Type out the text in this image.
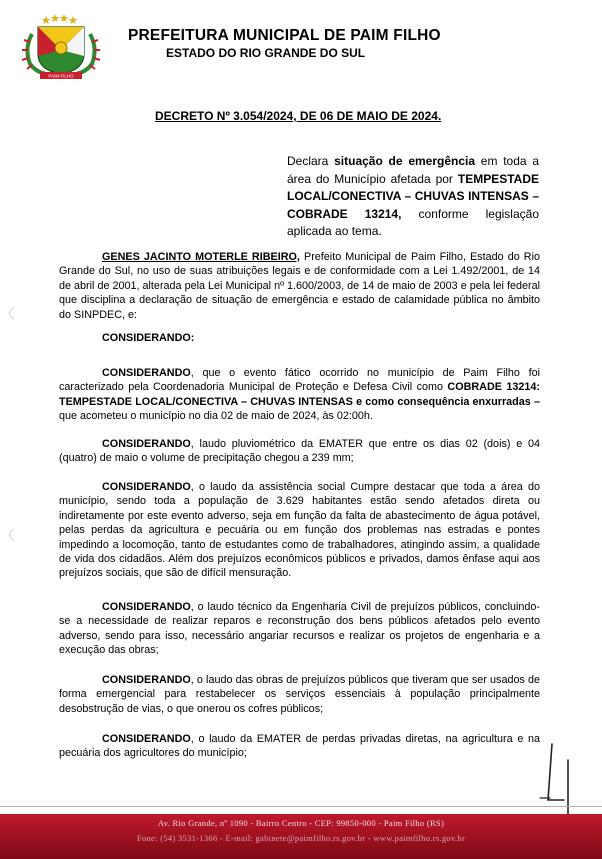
PAIM FILHO
PREFEITURA MUNICIPAL DE PAIM FILHO
ESTADO DO RIO GRANDE DO SUL
DECRETO Nº 3.054/2024, DE 06 DE MAIO DE 2024.
Declara situação de emergência em toda a área do Município afetada por TEMPESTADE LOCAL/CONECTIVA – CHUVAS INTENSAS – COBRADE 13214, conforme legislação aplicada ao tema.

GENES JACINTO MOTERLE RIBEIRO, Prefeito Municipal de Paim Filho, Estado do Rio Grande do Sul, no uso de suas atribuições legais e de conformidade com a Lei 1.492/2001, de 14 de abril de 2001, alterada pela Lei Municipal nº 1.600/2003, de 14 de maio de 2003 e pela lei federal que disciplina a declaração de situação de emergência e estado de calamidade pública no âmbito do SINPDEC, e:

CONSIDERANDO:

CONSIDERANDO, que o evento fático ocorrido no município de Paim Filho foi caracterizado pela Coordenadoria Municipal de Proteção e Defesa Civil como COBRADE 13214: TEMPESTADE LOCAL/CONECTIVA – CHUVAS INTENSAS e como consequência enxurradas – que acometeu o município no dia 02 de maio de 2024, às 02:00h.

CONSIDERANDO, laudo pluviométrico da EMATER que entre os dias 02 (dois) e 04 (quatro) de maio o volume de precipitação chegou a 239 mm;

CONSIDERANDO, o laudo da assistência social Cumpre destacar que toda a área do município, sendo toda a população de 3.629 habitantes estão sendo afetados direta ou indiretamente por este evento adverso, seja em função da falta de abastecimento de água potável, pelas perdas da agricultura e pecuária ou em função dos problemas nas estradas e pontes impedindo a locomoção, tanto de estudantes como de trabalhadores, atingindo assim, a qualidade de vida dos cidadãos. Além dos prejuízos econômicos públicos e privados, damos ênfase aqui aos prejuízos sociais, que são de difícil mensuração.

CONSIDERANDO, o laudo técnico da Engenharia Civil de prejuízos públicos, concluindo-se a necessidade de realizar reparos e reconstrução dos bens públicos afetados pelo evento adverso, sendo para isso, necessário angariar recursos e realizar os projetos de engenharia e a execução das obras;

CONSIDERANDO, o laudo das obras de prejuízos públicos que tiveram que ser usados de forma emergencial para restabelecer os serviços essenciais à população principalmente desobstrução de vias, o que onerou os cofres públicos;

CONSIDERANDO, o laudo da EMATER de perdas privadas diretas, na agricultura e na pecuária dos agricultores do município;

Av. Rio Grande, nº 1090 - Bairro Centro - CEP: 99850-000 - Paim Filho (RS)
Fone: (54) 3531-1366 - E-mail: gabinete@paimfilho.rs.gov.br - www.paimfilho.rs.gov.br
